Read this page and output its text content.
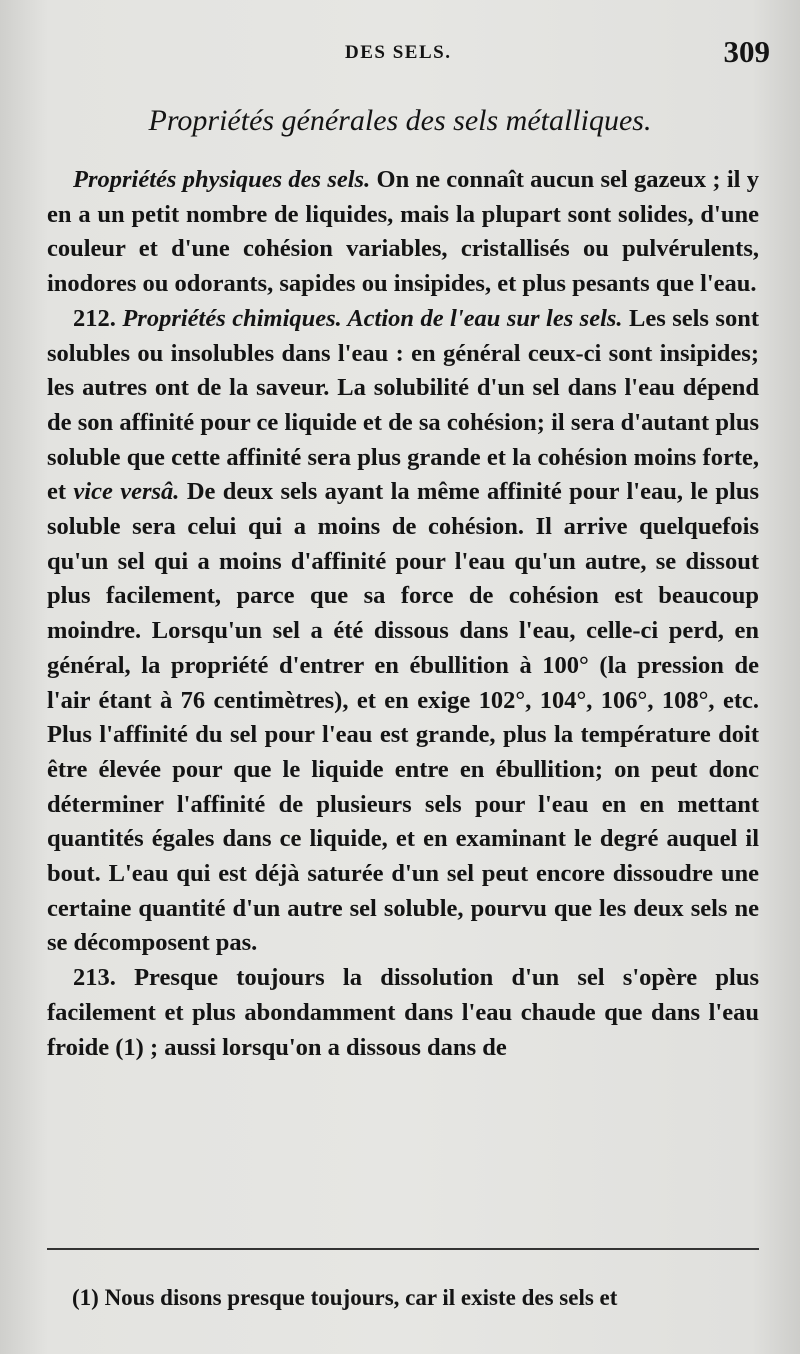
DES SELS.	309
Propriétés générales des sels métalliques.

Propriétés physiques des sels. On ne connaît aucun sel gazeux ; il y en a un petit nombre de liquides, mais la plupart sont solides, d'une couleur et d'une cohésion variables, cristallisés ou pulvérulents, inodores ou odorants, sapides ou insipides, et plus pesants que l'eau.

212. Propriétés chimiques. Action de l'eau sur les sels. Les sels sont solubles ou insolubles dans l'eau : en général ceux-ci sont insipides; les autres ont de la saveur. La solubilité d'un sel dans l'eau dépend de son affinité pour ce liquide et de sa cohésion; il sera d'autant plus soluble que cette affinité sera plus grande et la cohésion moins forte, et vice versâ. De deux sels ayant la même affinité pour l'eau, le plus soluble sera celui qui a moins de cohésion. Il arrive quelquefois qu'un sel qui a moins d'affinité pour l'eau qu'un autre, se dissout plus facilement, parce que sa force de cohésion est beaucoup moindre. Lorsqu'un sel a été dissous dans l'eau, celle-ci perd, en général, la propriété d'entrer en ébullition à 100° (la pression de l'air étant à 76 centimètres), et en exige 102°, 104°, 106°, 108°, etc. Plus l'affinité du sel pour l'eau est grande, plus la température doit être élevée pour que le liquide entre en ébullition; on peut donc déterminer l'affinité de plusieurs sels pour l'eau en en mettant quantités égales dans ce liquide, et en examinant le degré auquel il bout. L'eau qui est déjà saturée d'un sel peut encore dissoudre une certaine quantité d'un autre sel soluble, pourvu que les deux sels ne se décomposent pas.

213. Presque toujours la dissolution d'un sel s'opère plus facilement et plus abondamment dans l'eau chaude que dans l'eau froide (1) ; aussi lorsqu'on a dissous dans de

(1) Nous disons presque toujours, car il existe des sels et
